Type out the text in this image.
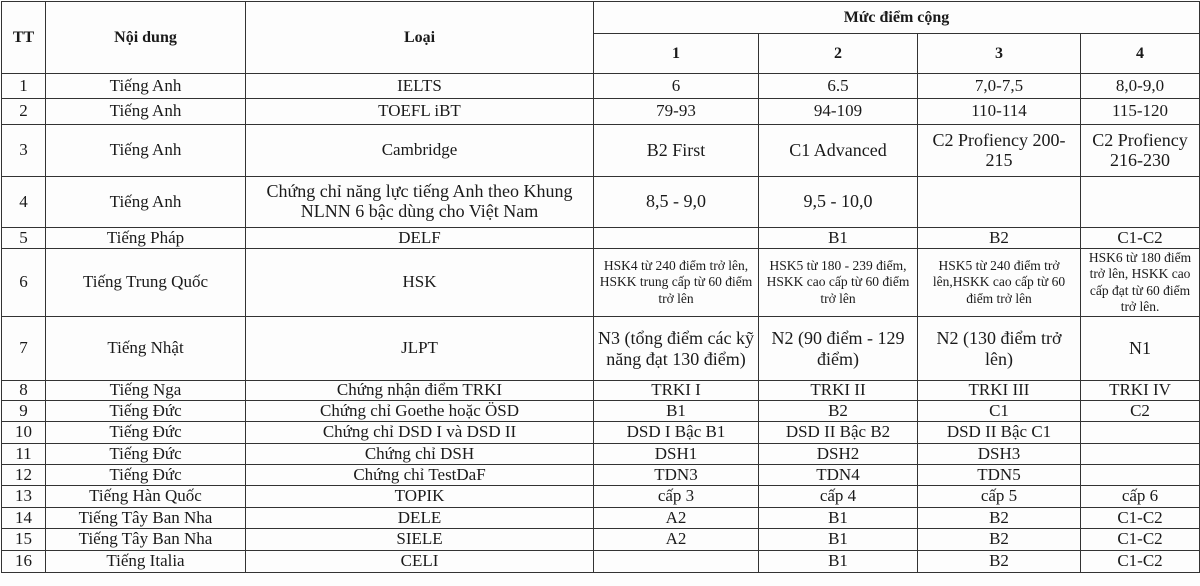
TT	Nội dung	Loại	Mức điểm cộng			
			1	2	3	4
1	Tiếng Anh	IELTS	6	6.5	7,0-7,5	8,0-9,0
2	Tiếng Anh	TOEFL iBT	79-93	94-109	110-114	115-120
3	Tiếng Anh	Cambridge	B2 First	C1 Advanced	C2 Profiency 200-215	C2 Profiency 216-230
4	Tiếng Anh	Chứng chỉ năng lực tiếng Anh theo Khung NLNN 6 bậc dùng cho Việt Nam	8,5 - 9,0	9,5 - 10,0		
5	Tiếng Pháp	DELF		B1	B2	C1-C2
6	Tiếng Trung Quốc	HSK	HSK4 từ 240 điểm trở lên, HSKK trung cấp từ 60 điểm trở lên	HSK5 từ 180 - 239 điểm, HSKK cao cấp từ 60 điểm trở lên	HSK5 từ 240 điểm trở lên,HSKK cao cấp từ 60 điểm trở lên	HSK6 từ 180 điểm trở lên, HSKK cao cấp đạt từ 60 điểm trở lên.
7	Tiếng Nhật	JLPT	N3 (tổng điểm các kỹ năng đạt 130 điểm)	N2 (90 điểm - 129 điểm)	N2 (130 điểm trở lên)	N1
8	Tiếng Nga	Chứng nhận điểm TRKI	TRKI I	TRKI II	TRKI III	TRKI IV
9	Tiếng Đức	Chứng chỉ Goethe hoặc ÖSD	B1	B2	C1	C2
10	Tiếng Đức	Chứng chỉ DSD I và DSD II	DSD I Bậc B1	DSD II Bậc B2	DSD II Bậc C1	
11	Tiếng Đức	Chứng chỉ DSH	DSH1	DSH2	DSH3	
12	Tiếng Đức	Chứng chỉ TestDaF	TDN3	TDN4	TDN5	
13	Tiếng Hàn Quốc	TOPIK	cấp 3	cấp 4	cấp 5	cấp 6
14	Tiếng Tây Ban Nha	DELE	A2	B1	B2	C1-C2
15	Tiếng Tây Ban Nha	SIELE	A2	B1	B2	C1-C2
16	Tiếng Italia	CELI		B1	B2	C1-C2
